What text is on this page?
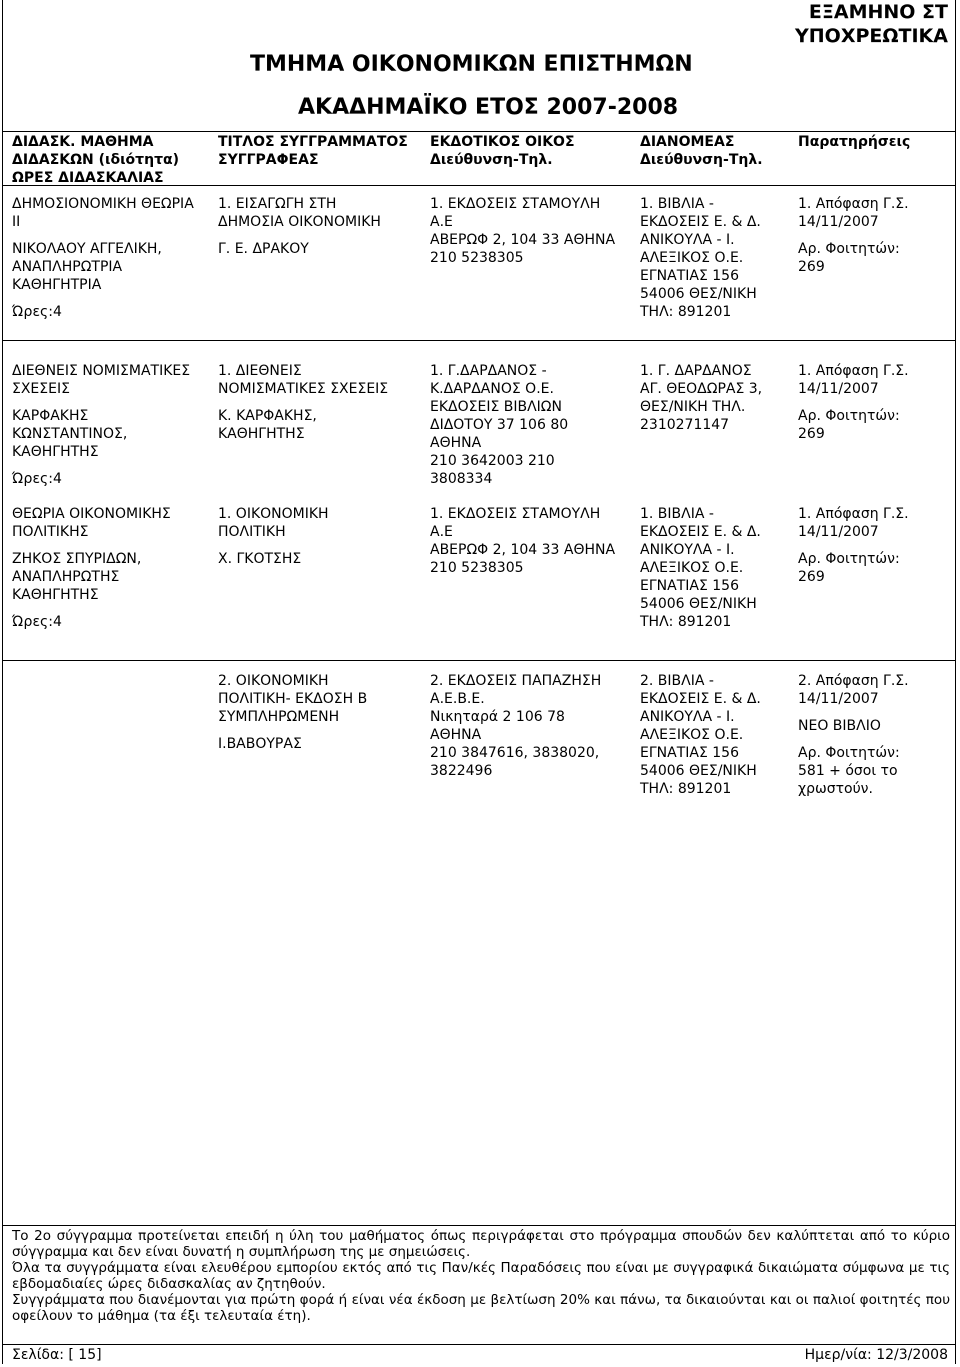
ΤΜΗΜΑ ΟΙΚΟΝΟΜΙΚΩΝ ΕΠΙΣΤΗΜΩΝ
ΑΚΑΔΗΜΑΪΚΟ ΕΤΟΣ 2007-2008
ΕΞΑΜΗΝΟ ΣΤ
ΥΠΟΧΡΕΩΤΙΚΑ
ΔΙΔΑΣΚ. ΜΑΘΗΜΑ
ΔΙΔΑΣΚΩΝ (ιδιότητα)
ΩΡΕΣ ΔΙΔΑΣΚΑΛΙΑΣ
ΤΙΤΛΟΣ ΣΥΓΓΡΑΜΜΑΤΟΣ
ΣΥΓΓΡΑΦΕΑΣ
ΕΚΔΟΤΙΚΟΣ ΟΙΚΟΣ
Διεύθυνση-Τηλ.
ΔΙΑΝΟΜΕΑΣ
Διεύθυνση-Τηλ.
Παρατηρήσεις
ΔΗΜΟΣΙΟΝΟΜΙΚΗ ΘΕΩΡΙΑ
ΙΙ
ΝΙΚΟΛΑΟΥ ΑΓΓΕΛΙΚΗ,
ΑΝΑΠΛΗΡΩΤΡΙΑ
ΚΑΘΗΓΗΤΡΙΑ
Ώρες:4
1. ΕΙΣΑΓΩΓΗ ΣΤΗ
ΔΗΜΟΣΙΑ ΟΙΚΟΝΟΜΙΚΗ
Γ. Ε. ΔΡΑΚΟΥ
1. ΕΚΔΟΣΕΙΣ ΣΤΑΜΟΥΛΗ
Α.Ε
ΑΒΕΡΩΦ 2, 104 33 ΑΘΗΝΑ
210 5238305
1. ΒΙΒΛΙΑ -
ΕΚΔΟΣΕΙΣ Ε. & Δ.
ΑΝΙΚΟΥΛΑ - Ι.
ΑΛΕΞΙΚΟΣ Ο.Ε.
ΕΓΝΑΤΙΑΣ 156
54006 ΘΕΣ/ΝΙΚΗ
ΤΗΛ: 891201
1. Απόφαση Γ.Σ.
14/11/2007
Αρ. Φοιτητών:
269
ΔΙΕΘΝΕΙΣ ΝΟΜΙΣΜΑΤΙΚΕΣ
ΣΧΕΣΕΙΣ
ΚΑΡΦΑΚΗΣ
ΚΩΝΣΤΑΝΤΙΝΟΣ,
ΚΑΘΗΓΗΤΗΣ
Ώρες:4
1. ΔΙΕΘΝΕΙΣ
ΝΟΜΙΣΜΑΤΙΚΕΣ ΣΧΕΣΕΙΣ
Κ. ΚΑΡΦΑΚΗΣ,
ΚΑΘΗΓΗΤΗΣ
1. Γ.ΔΑΡΔΑΝΟΣ -
Κ.ΔΑΡΔΑΝΟΣ Ο.Ε.
ΕΚΔΟΣΕΙΣ ΒΙΒΛΙΩΝ
ΔΙΔΟΤΟΥ 37 106 80
ΑΘΗΝΑ
210 3642003 210
3808334
1. Γ. ΔΑΡΔΑΝΟΣ
ΑΓ. ΘΕΟΔΩΡΑΣ 3,
ΘΕΣ/ΝΙΚΗ ΤΗΛ.
2310271147
1. Απόφαση Γ.Σ.
14/11/2007
Αρ. Φοιτητών:
269
ΘΕΩΡΙΑ ΟΙΚΟΝΟΜΙΚΗΣ
ΠΟΛΙΤΙΚΗΣ
ΖΗΚΟΣ ΣΠΥΡΙΔΩΝ,
ΑΝΑΠΛΗΡΩΤΗΣ
ΚΑΘΗΓΗΤΗΣ
Ώρες:4
1. ΟΙΚΟΝΟΜΙΚΗ
ΠΟΛΙΤΙΚΗ
Χ. ΓΚΟΤΣΗΣ
1. ΕΚΔΟΣΕΙΣ ΣΤΑΜΟΥΛΗ
Α.Ε
ΑΒΕΡΩΦ 2, 104 33 ΑΘΗΝΑ
210 5238305
1. ΒΙΒΛΙΑ -
ΕΚΔΟΣΕΙΣ Ε. & Δ.
ΑΝΙΚΟΥΛΑ - Ι.
ΑΛΕΞΙΚΟΣ Ο.Ε.
ΕΓΝΑΤΙΑΣ 156
54006 ΘΕΣ/ΝΙΚΗ
ΤΗΛ: 891201
1. Απόφαση Γ.Σ.
14/11/2007
Αρ. Φοιτητών:
269
2. ΟΙΚΟΝΟΜΙΚΗ
ΠΟΛΙΤΙΚΗ- ΕΚΔΟΣΗ Β
ΣΥΜΠΛΗΡΩΜΕΝΗ
Ι.ΒΑΒΟΥΡΑΣ
2. ΕΚΔΟΣΕΙΣ ΠΑΠΑΖΗΣΗ
Α.Ε.Β.Ε.
Νικηταρά 2 106 78
ΑΘΗΝΑ
210 3847616, 3838020,
3822496
2. ΒΙΒΛΙΑ -
ΕΚΔΟΣΕΙΣ Ε. & Δ.
ΑΝΙΚΟΥΛΑ - Ι.
ΑΛΕΞΙΚΟΣ Ο.Ε.
ΕΓΝΑΤΙΑΣ 156
54006 ΘΕΣ/ΝΙΚΗ
ΤΗΛ: 891201
2. Απόφαση Γ.Σ.
14/11/2007
ΝΕΟ ΒΙΒΛΙΟ
Αρ. Φοιτητών:
581 + όσοι το
χρωστούν.
Το 2ο σύγγραμμα προτείνεται επειδή η ύλη του μαθήματος όπως περιγράφεται στο πρόγραμμα σπουδών δεν καλύπτεται από το κύριο σύγγραμμα και δεν είναι δυνατή η συμπλήρωση της με σημειώσεις.
Όλα τα συγγράμματα είναι ελευθέρου εμπορίου εκτός από τις Παν/κές Παραδόσεις που είναι με συγγραφικά δικαιώματα σύμφωνα με τις εβδομαδιαίες ώρες διδασκαλίας αν ζητηθούν.
Συγγράμματα που διανέμονται για πρώτη φορά ή είναι νέα έκδοση με βελτίωση 20% και πάνω, τα δικαιούνται και οι παλιοί φοιτητές που οφείλουν το μάθημα (τα έξι τελευταία έτη).
Σελίδα: [ 15]	Ημερ/νία: 12/3/2008
